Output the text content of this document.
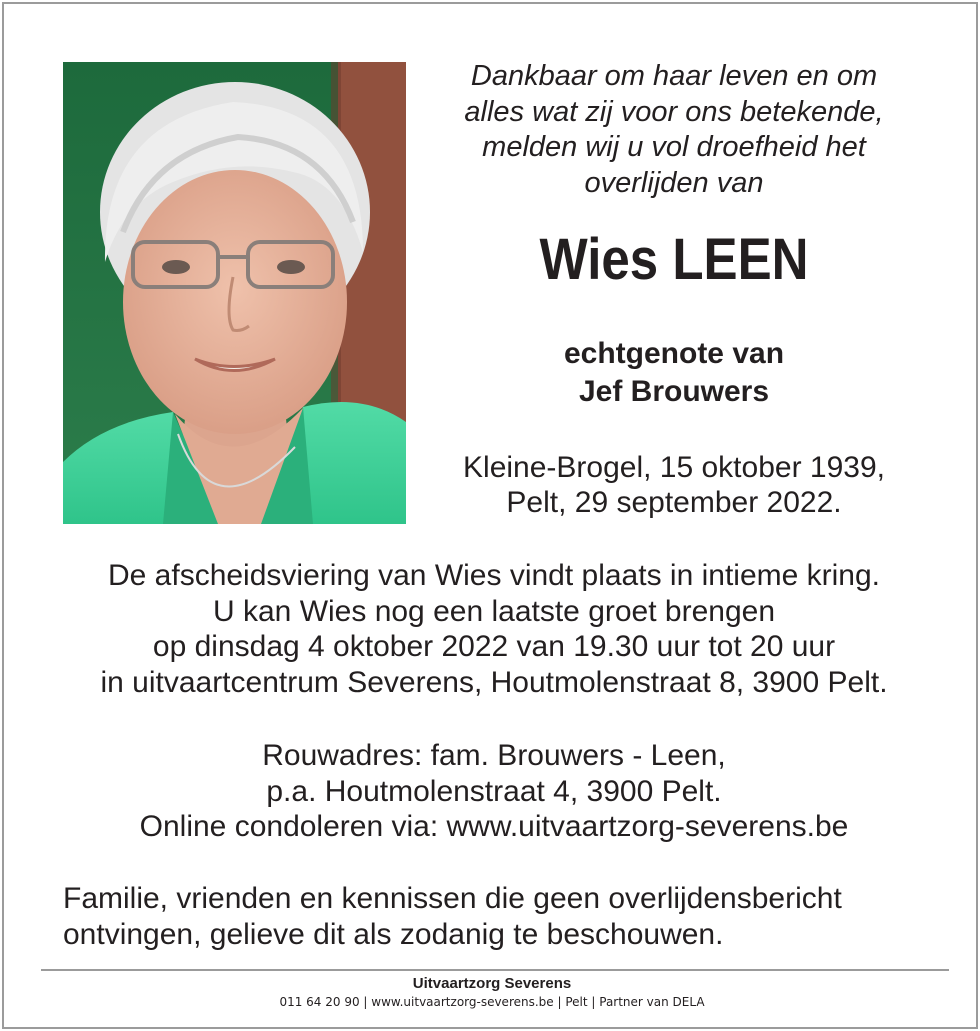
Dankbaar om haar leven en om
alles wat zij voor ons betekende,
melden wij u vol droefheid het
overlijden van
Wies LEEN
echtgenote van
Jef Brouwers
Kleine-Brogel, 15 oktober 1939,
Pelt, 29 september 2022.
De afscheidsviering van Wies vindt plaats in intieme kring.
U kan Wies nog een laatste groet brengen
op dinsdag 4 oktober 2022 van 19.30 uur tot 20 uur
in uitvaartcentrum Severens, Houtmolenstraat 8, 3900 Pelt.
Rouwadres: fam. Brouwers - Leen,
p.a. Houtmolenstraat 4, 3900 Pelt.
Online condoleren via: www.uitvaartzorg-severens.be
Familie, vrienden en kennissen die geen overlijdensbericht
ontvingen, gelieve dit als zodanig te beschouwen.
Uitvaartzorg Severens
011 64 20 90 | www.uitvaartzorg-severens.be | Pelt | Partner van DELA
